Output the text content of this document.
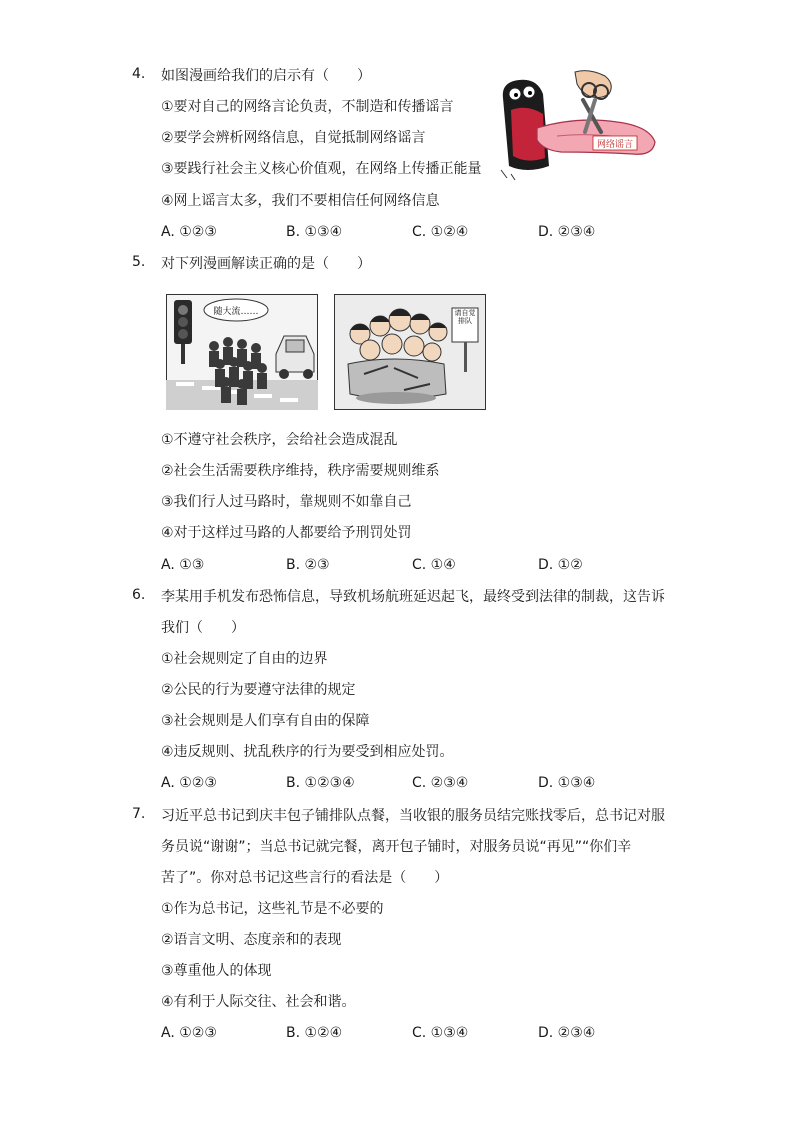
4.	如图漫画给我们的启示有（　　）
①要对自己的网络言论负责，不制造和传播谣言
②要学会辨析网络信息，自觉抵制网络谣言
③要践行社会主义核心价值观，在网络上传播正能量
④网上谣言太多，我们不要相信任何网络信息
A. ①②③	B. ①③④	C. ①②④	D. ②③④
网络谣言
5.	对下列漫画解读正确的是（　　）
①不遵守社会秩序，会给社会造成混乱
②社会生活需要秩序维持，秩序需要规则维系
③我们行人过马路时，靠规则不如靠自己
④对于这样过马路的人都要给予刑罚处罚
A. ①③	B. ②③	C. ①④	D. ①②
随大流……	请自觉排队
6.	李某用手机发布恐怖信息，导致机场航班延迟起飞，最终受到法律的制裁，这告诉
我们（　　）
①社会规则定了自由的边界
②公民的行为要遵守法律的规定
③社会规则是人们享有自由的保障
④违反规则、扰乱秩序的行为要受到相应处罚。
A. ①②③	B. ①②③④	C. ②③④	D. ①③④
7.	习近平总书记到庆丰包子铺排队点餐，当收银的服务员结完账找零后，总书记对服
务员说“谢谢”；当总书记就完餐，离开包子铺时，对服务员说“再见”“你们辛
苦了”。你对总书记这些言行的看法是（　　）
①作为总书记，这些礼节是不必要的
②语言文明、态度亲和的表现
③尊重他人的体现
④有利于人际交往、社会和谐。
A. ①②③	B. ①②④	C. ①③④	D. ②③④
